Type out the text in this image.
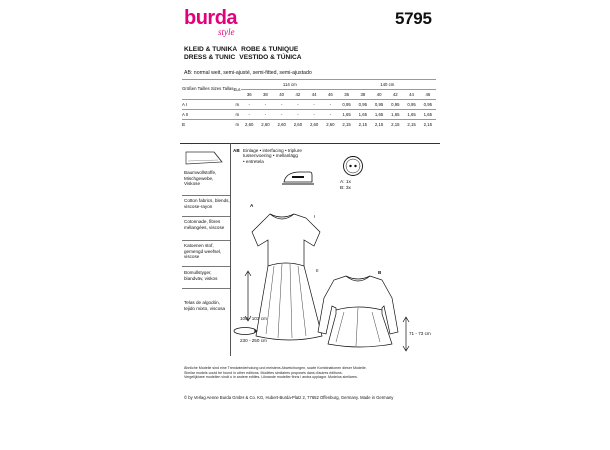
burda
style
5795
KLEID & TUNIKA ROBE & TUNIQUE
DRESS & TUNIC VESTIDO & TÚNICA
AB: normal weit, semi-ajusté, semi-fitted, semi-ajustado
Größen Tailles Sizes Tallas	Eur.	114 cm						140 cm					
		36	38	40	42	44	46	36	38	40	42	44	46
A I	m	-	-	-	-	-	-	0,95	0,95	0,95	0,95	0,95	0,95
A II	m	-	-	-	-	-	-	1,65	1,65	1,65	1,65	1,65	1,65
B	m	2,60	2,60	2,60	2,60	2,60	2,60	2,15	2,15	2,15	2,15	2,15	2,15
Baumwollstoffe, Mischgewebe, Viskose
Cotton fabrics, blends, viscose-rayon
Cotonnade, fibres mélangées, viscose
Katoenen stof, gemengd weefsel, viscose
Bomullstyger, blandväv, viskos
Telas de algodón, tejido mixto, viscosa
AB Einlage • interfacing • triplure
tussenvoering • mellanlägg
• entretela
A: 1x
B: 3x
A
I
II
100 - 103 cm
230 - 250 cm
B
71 - 73 cm
Ähnliche Modelle sind eine Trendwiederholung und meistens Abweichungen, sowie Kombinationen dieser Modelle.
Similar models could be found in other editions. Modèles similaires proposés dans d'autres éditions.
Vergelijkbare modellen vindt u in andere edities. Liknande modeller finns i andra upplagor. Modelos similares.
© by Verlag Aenne Burda GmbH & Co. KG, Hubert-Burda-Platz 2, 77652 Offenburg, Germany. Made in Germany
